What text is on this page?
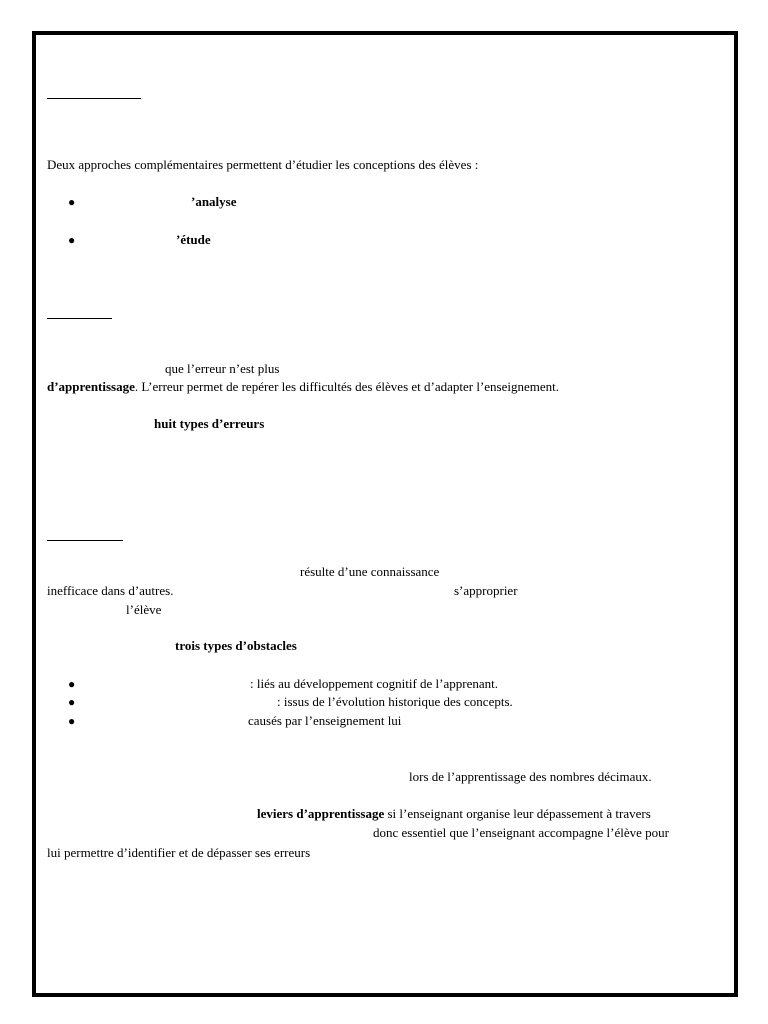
Deux approches complémentaires permettent d’étudier les conceptions des élèves :
●	’analyse
●	’étude
que l’erreur n’est plus
d’apprentissage. L’erreur permet de repérer les difficultés des élèves et d’adapter l’enseignement.
huit types d’erreurs
résulte d’une connaissance
inefficace dans d’autres.	s’approprier
l’élève
trois types d’obstacles
●	: liés au développement cognitif de l’apprenant.
●	: issus de l’évolution historique des concepts.
●	causés par l’enseignement lui
lors de l’apprentissage des nombres décimaux.
leviers d’apprentissage si l’enseignant organise leur dépassement à travers
donc essentiel que l’enseignant accompagne l’élève pour
lui permettre d’identifier et de dépasser ses erreurs
